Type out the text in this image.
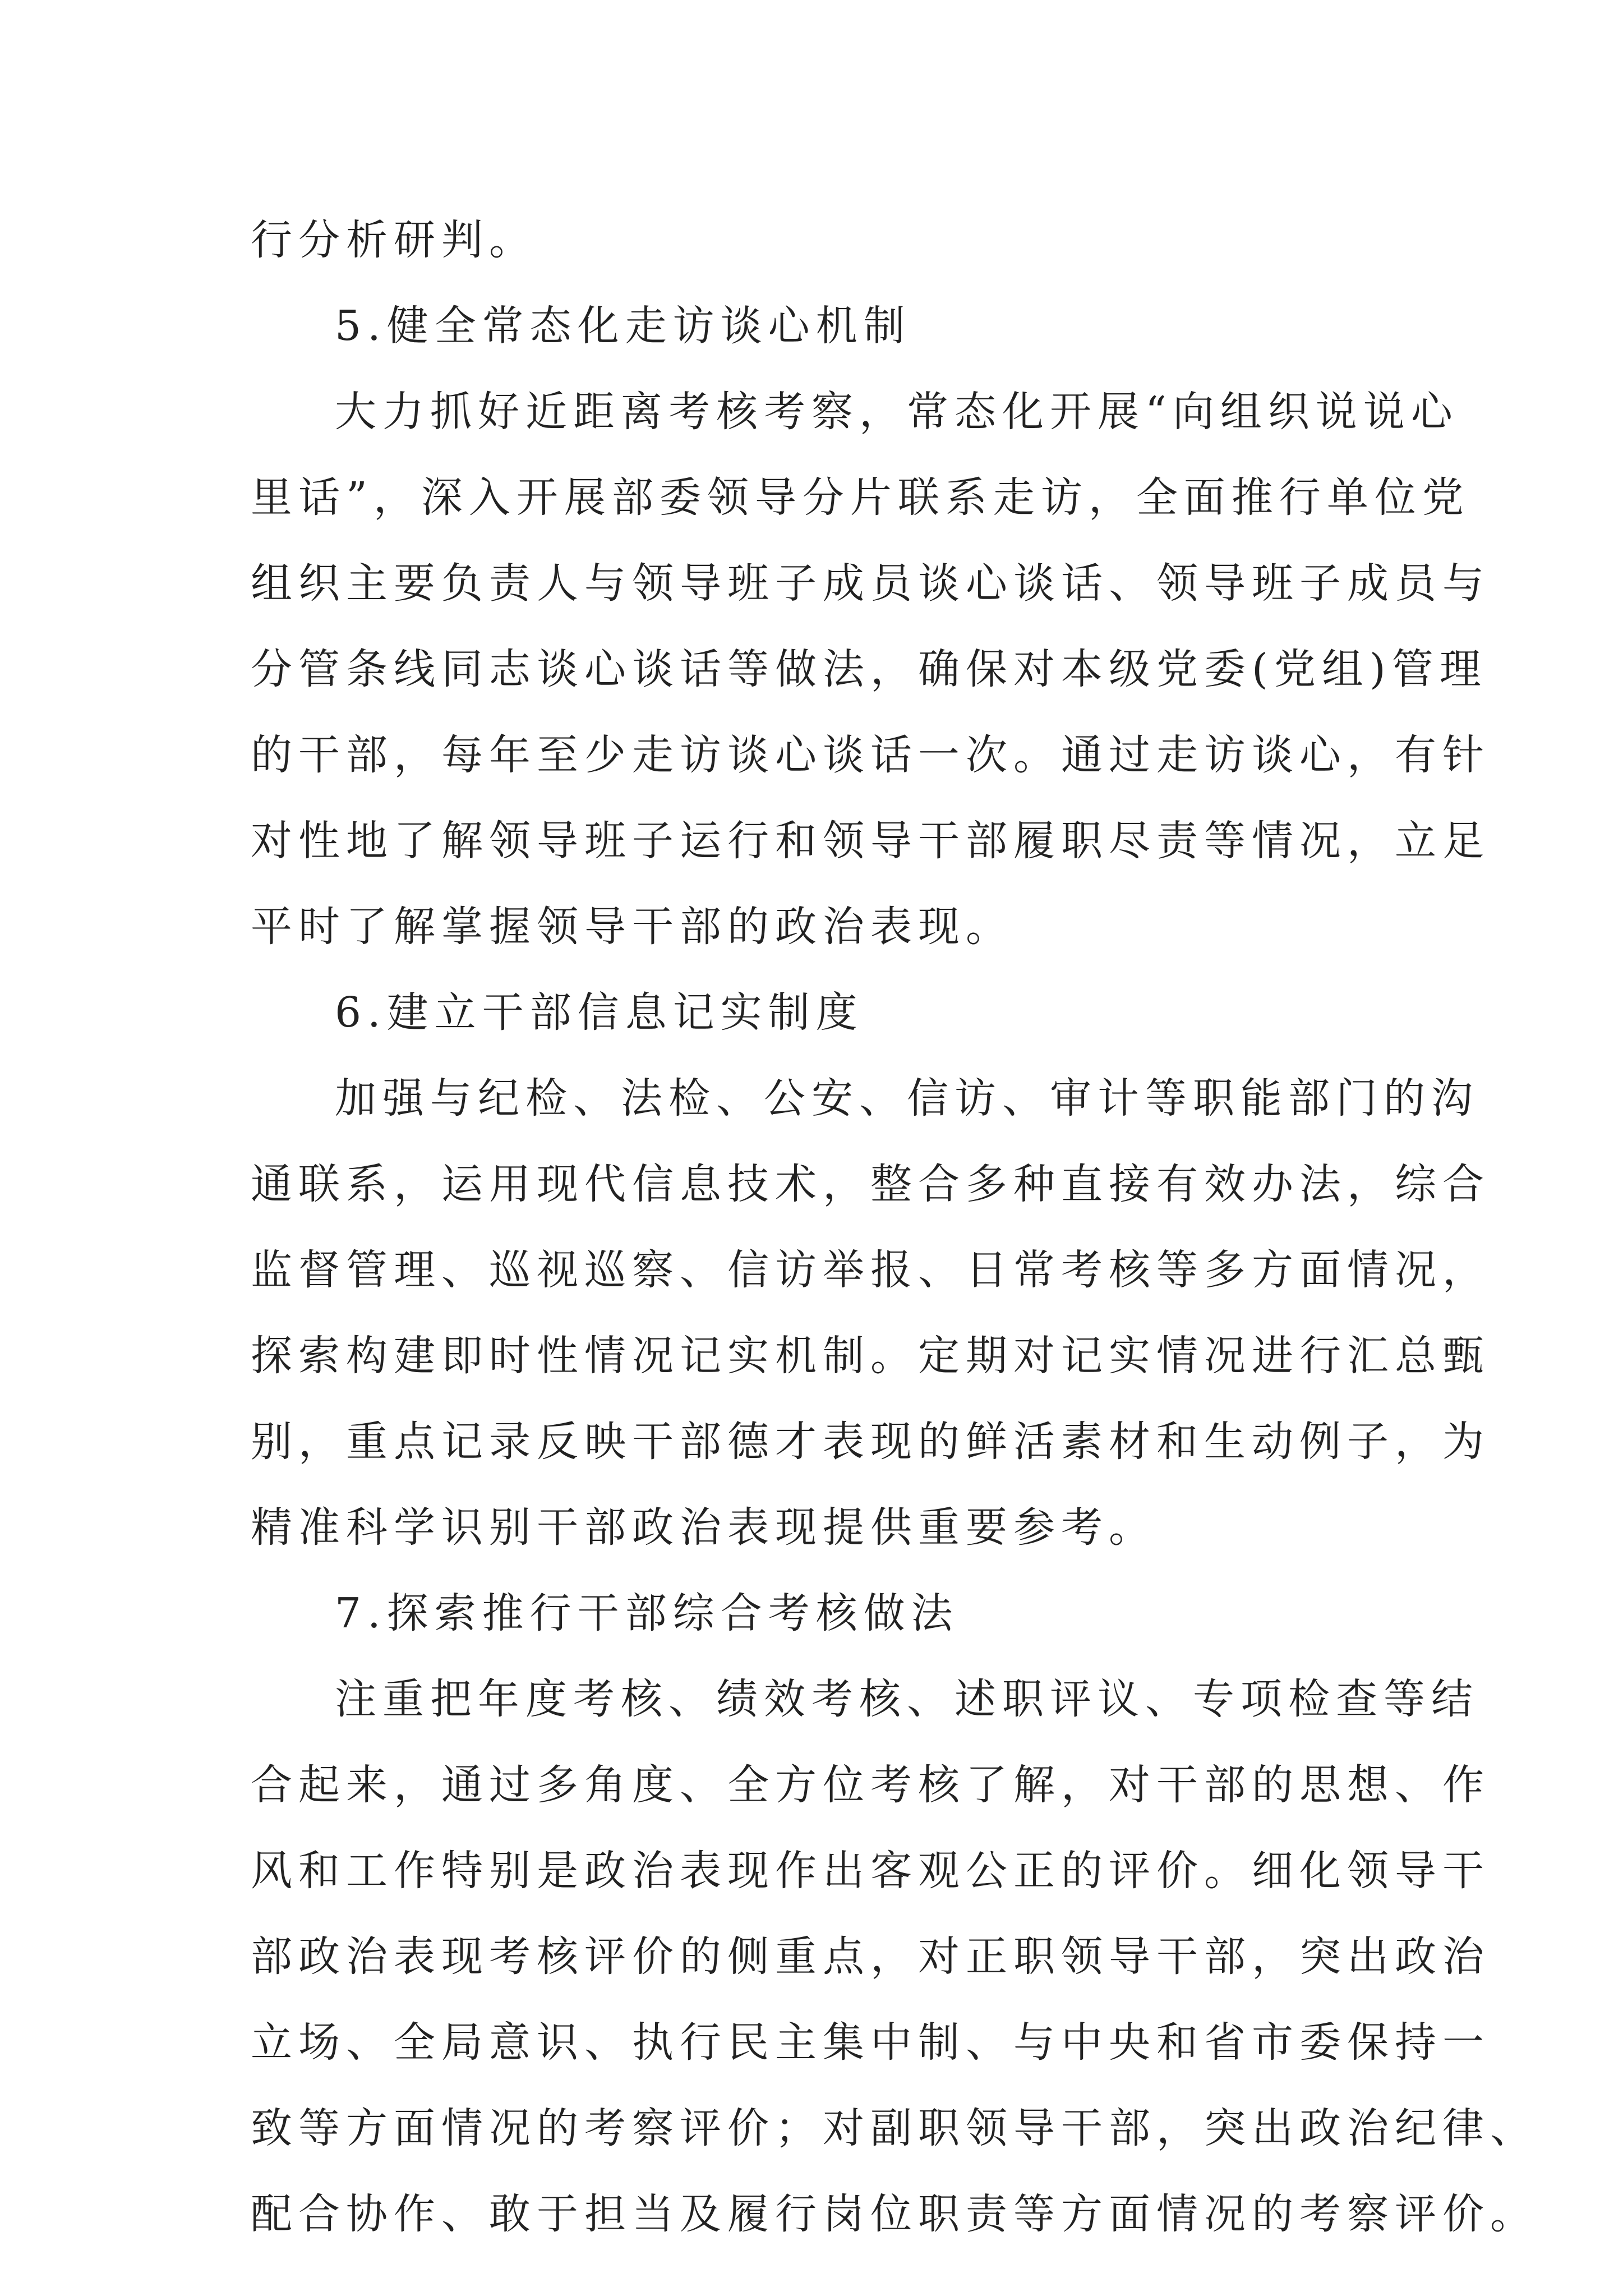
行分析研判。
5.健全常态化走访谈心机制
大力抓好近距离考核考察，常态化开展“向组织说说心
里话”，深入开展部委领导分片联系走访，全面推行单位党
组织主要负责人与领导班子成员谈心谈话、领导班子成员与
分管条线同志谈心谈话等做法，确保对本级党委(党组)管理
的干部，每年至少走访谈心谈话一次。通过走访谈心，有针
对性地了解领导班子运行和领导干部履职尽责等情况，立足
平时了解掌握领导干部的政治表现。
6.建立干部信息记实制度
加强与纪检、法检、公安、信访、审计等职能部门的沟
通联系，运用现代信息技术，整合多种直接有效办法，综合
监督管理、巡视巡察、信访举报、日常考核等多方面情况，
探索构建即时性情况记实机制。定期对记实情况进行汇总甄
别，重点记录反映干部德才表现的鲜活素材和生动例子，为
精准科学识别干部政治表现提供重要参考。
7.探索推行干部综合考核做法
注重把年度考核、绩效考核、述职评议、专项检查等结
合起来，通过多角度、全方位考核了解，对干部的思想、作
风和工作特别是政治表现作出客观公正的评价。细化领导干
部政治表现考核评价的侧重点，对正职领导干部，突出政治
立场、全局意识、执行民主集中制、与中央和省市委保持一
致等方面情况的考察评价；对副职领导干部，突出政治纪律、
配合协作、敢于担当及履行岗位职责等方面情况的考察评价。
